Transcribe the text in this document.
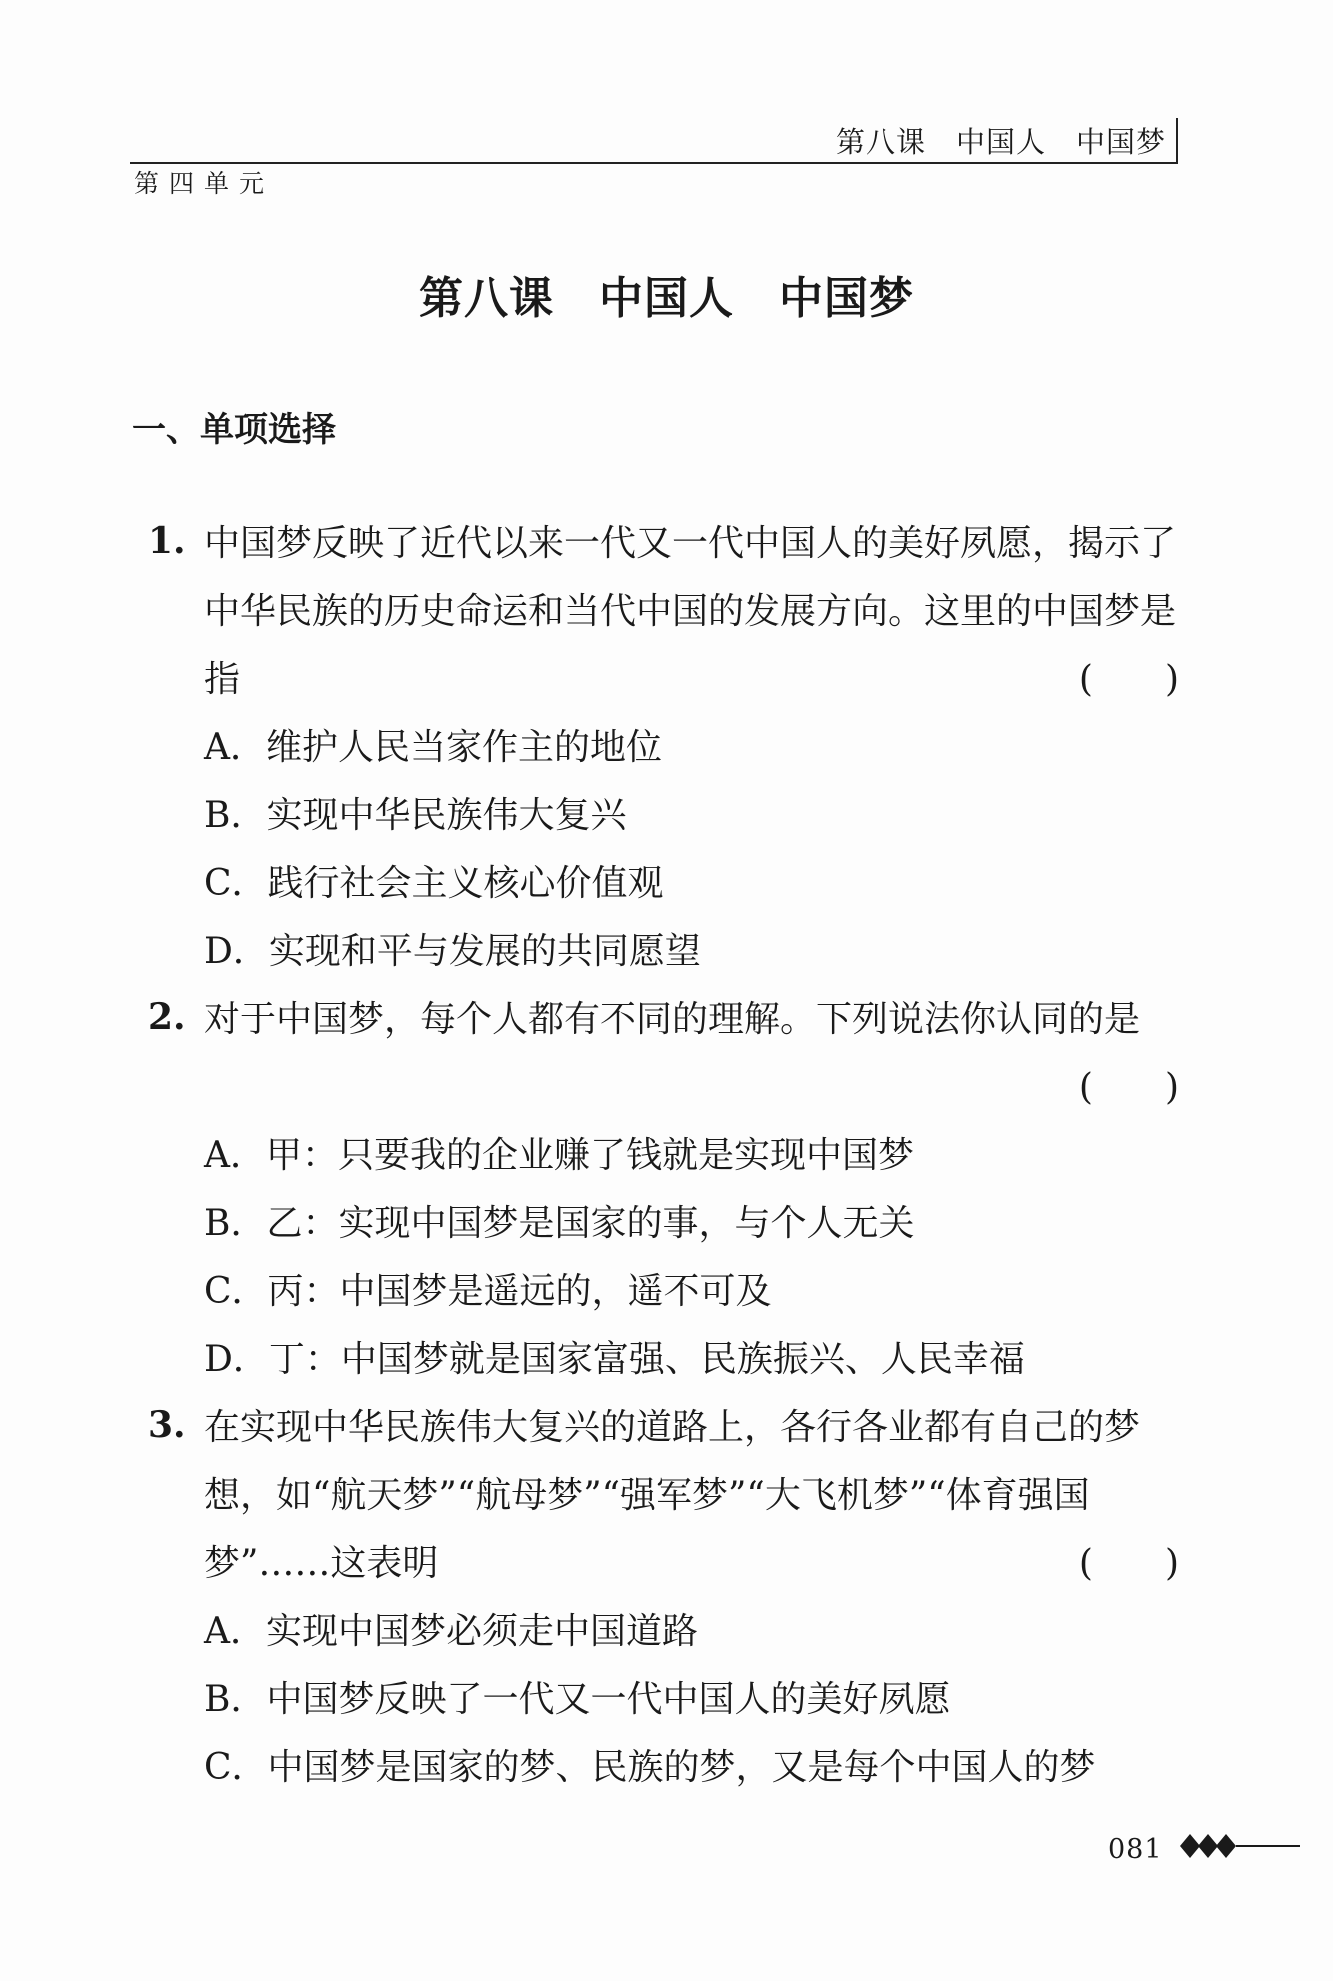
第八课　中国人　中国梦
第四单元
第八课　中国人　中国梦
一、单项选择
1. 中国梦反映了近代以来一代又一代中国人的美好夙愿，揭示了中华民族的历史命运和当代中国的发展方向。这里的中国梦是指	(　　)
A．维护人民当家作主的地位
B．实现中华民族伟大复兴
C．践行社会主义核心价值观
D．实现和平与发展的共同愿望
2. 对于中国梦，每个人都有不同的理解。下列说法你认同的是
(　　)
A．甲：只要我的企业赚了钱就是实现中国梦
B．乙：实现中国梦是国家的事，与个人无关
C．丙：中国梦是遥远的，遥不可及
D．丁：中国梦就是国家富强、民族振兴、人民幸福
3. 在实现中华民族伟大复兴的道路上，各行各业都有自己的梦想，如“航天梦”“航母梦”“强军梦”“大飞机梦”“体育强国梦”……这表明	(　　)
A．实现中国梦必须走中国道路
B．中国梦反映了一代又一代中国人的美好夙愿
C．中国梦是国家的梦、民族的梦，又是每个中国人的梦
081
